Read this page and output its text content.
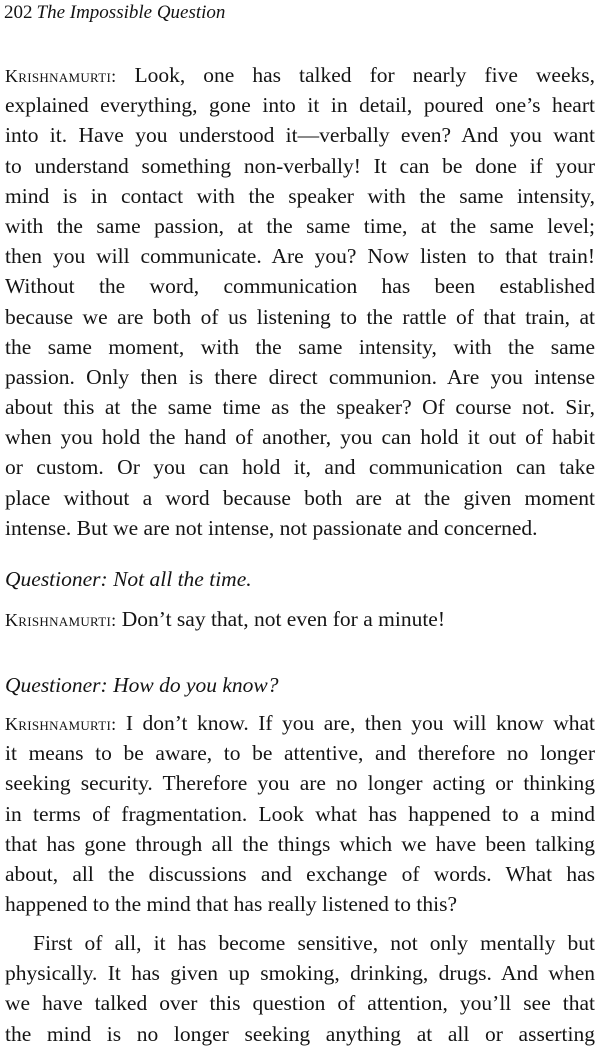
202 The Impossible Question
Krishnamurti: Look, one has talked for nearly five weeks,
explained everything, gone into it in detail, poured one’s heart
into it. Have you understood it—verbally even? And you want
to understand something non-verbally! It can be done if your
mind is in contact with the speaker with the same intensity,
with the same passion, at the same time, at the same level;
then you will communicate. Are you? Now listen to that train!
Without the word, communication has been established
because we are both of us listening to the rattle of that train, at
the same moment, with the same intensity, with the same
passion. Only then is there direct communion. Are you intense
about this at the same time as the speaker? Of course not. Sir,
when you hold the hand of another, you can hold it out of habit
or custom. Or you can hold it, and communication can take
place without a word because both are at the given moment
intense. But we are not intense, not passionate and concerned.
Questioner: Not all the time.
Krishnamurti: Don’t say that, not even for a minute!
Questioner: How do you know?
Krishnamurti: I don’t know. If you are, then you will know what
it means to be aware, to be attentive, and therefore no longer
seeking security. Therefore you are no longer acting or thinking
in terms of fragmentation. Look what has happened to a mind
that has gone through all the things which we have been talking
about, all the discussions and exchange of words. What has
happened to the mind that has really listened to this?
First of all, it has become sensitive, not only mentally but
physically. It has given up smoking, drinking, drugs. And when
we have talked over this question of attention, you’ll see that
the mind is no longer seeking anything at all or asserting
